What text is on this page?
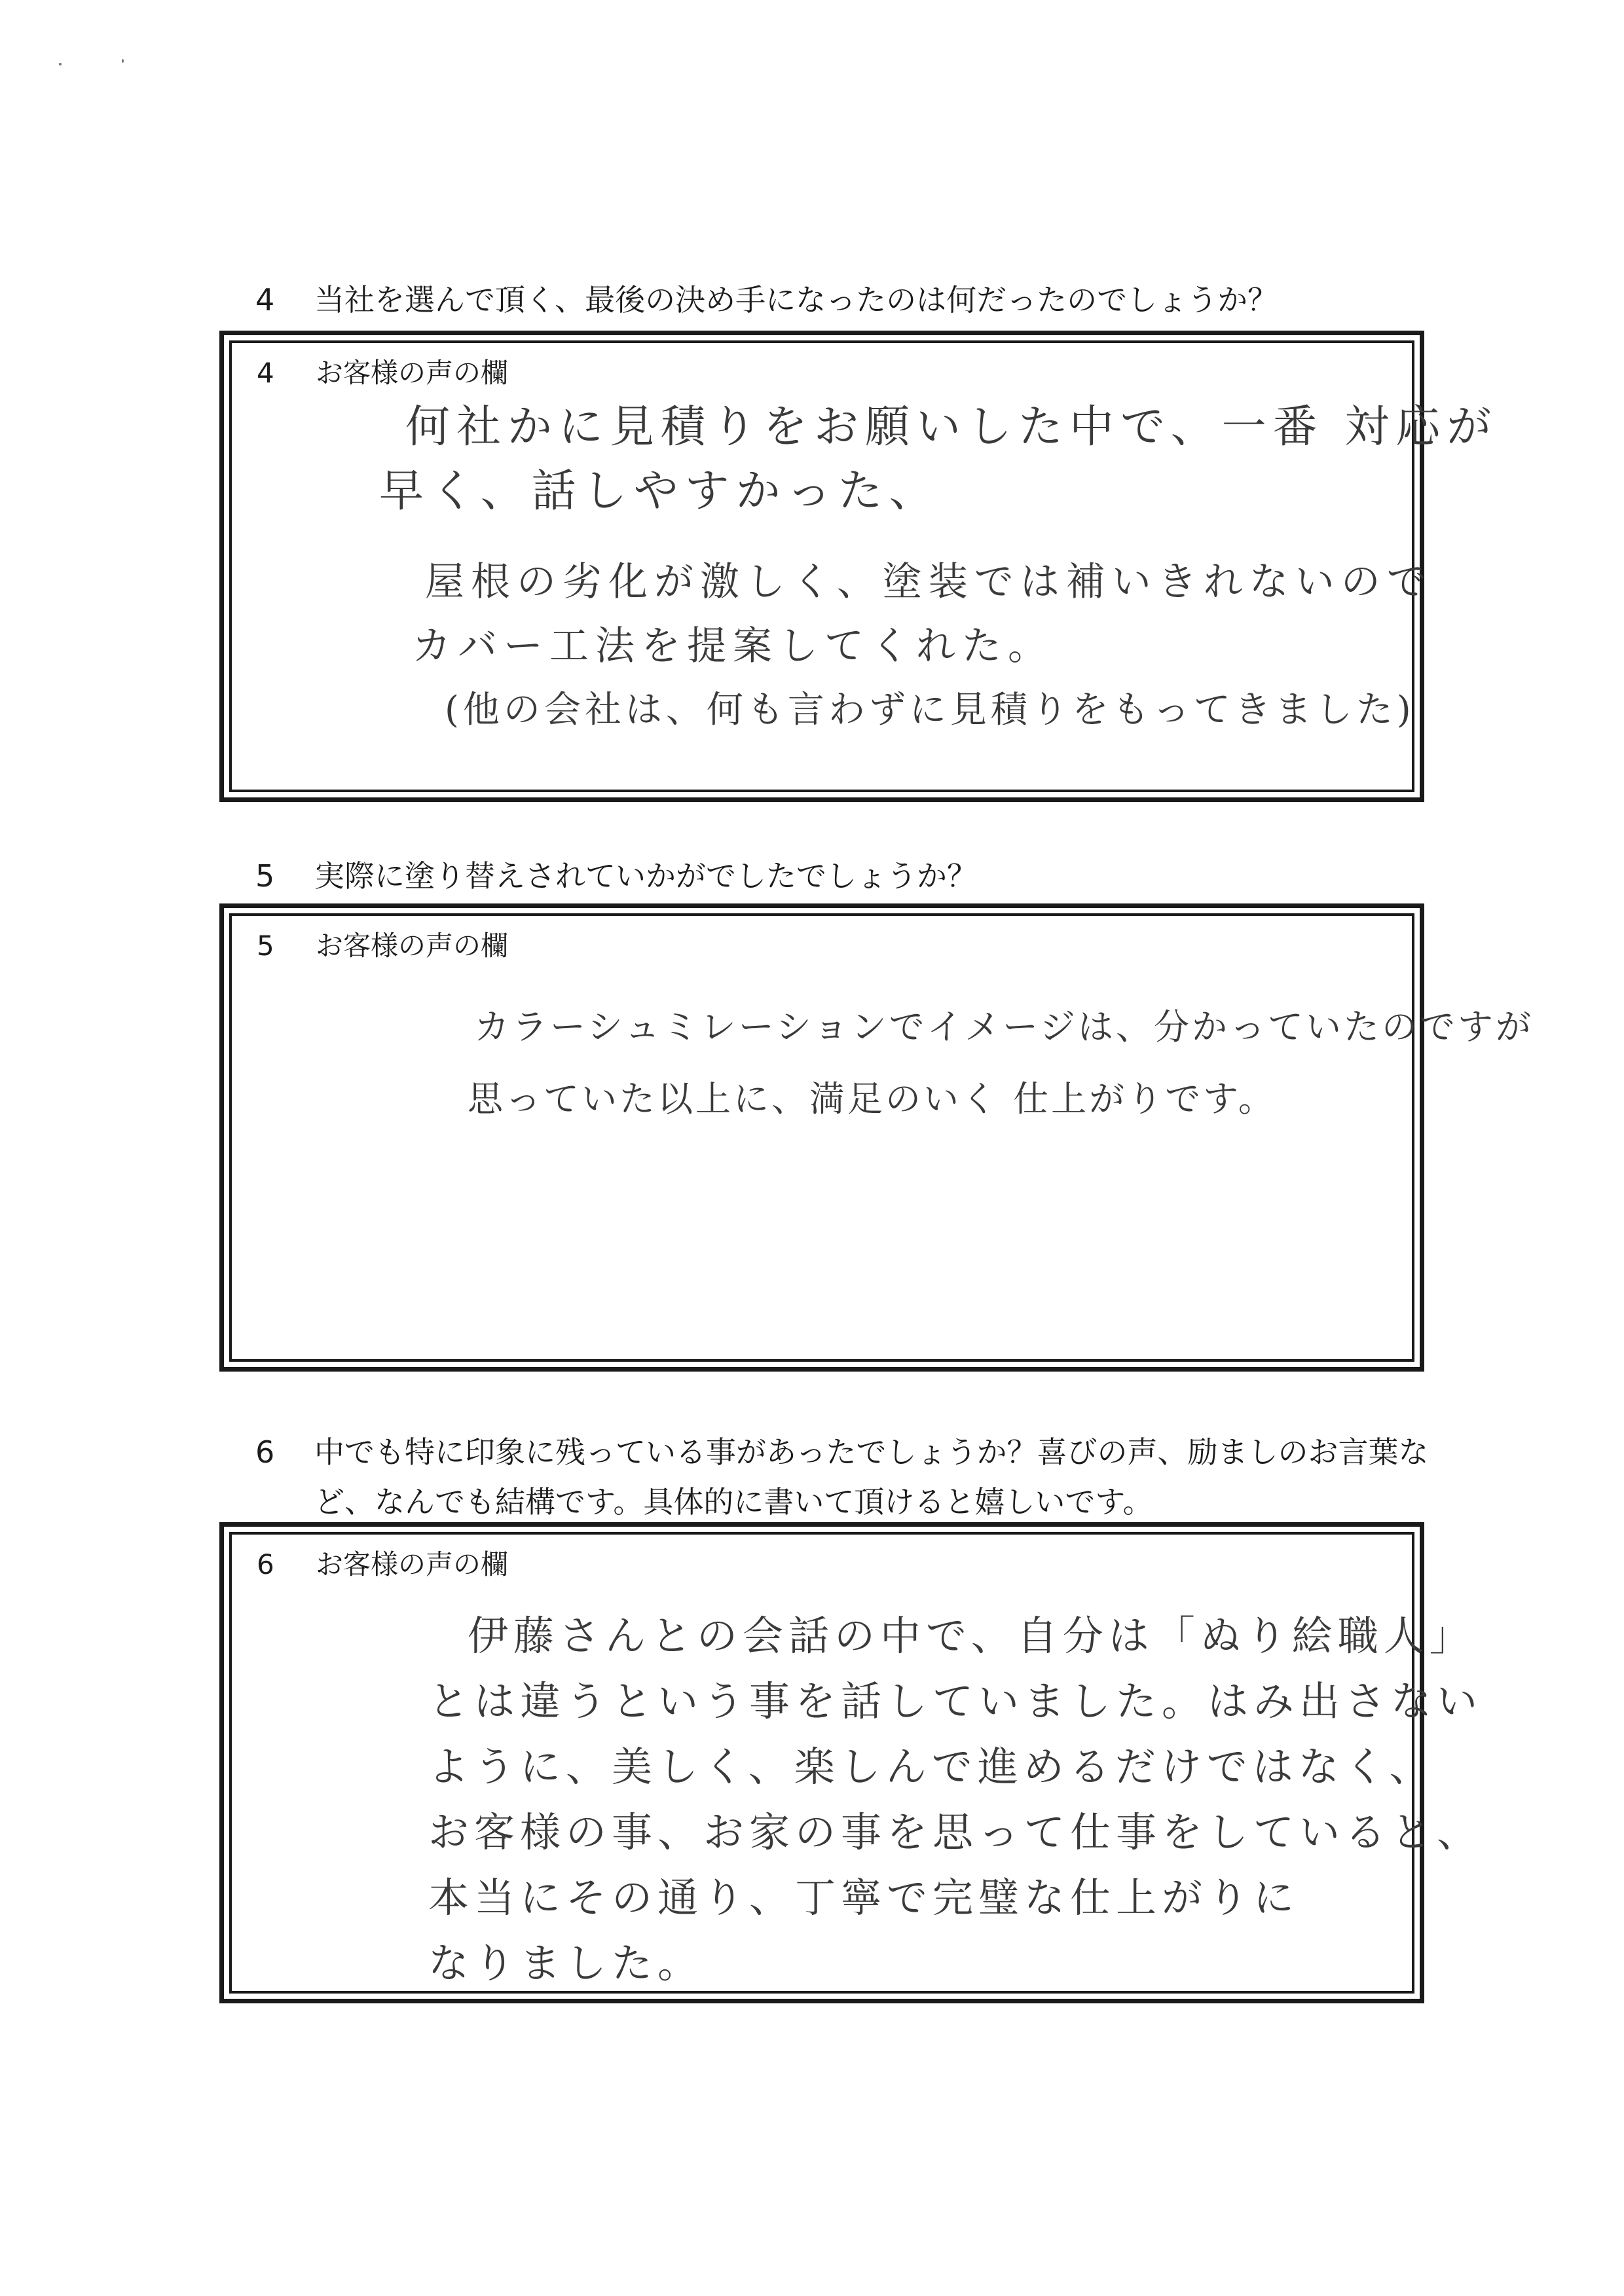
4 当社を選んで頂く、最後の決め手になったのは何だったのでしょうか？
4 お客様の声の欄
何社かに見積りをお願いした中で、一番 対応が
早く、話しやすかった、
屋根の劣化が激しく、塗装では補いきれないので
カバー工法を提案してくれた。
(他の会社は、何も言わずに見積りをもってきました)
5 実際に塗り替えされていかがでしたでしょうか？
5 お客様の声の欄
カラーシュミレーションでイメージは、分かっていたのですが
思っていた以上に、満足のいく 仕上がりです。
6 中でも特に印象に残っている事があったでしょうか？喜びの声、励ましのお言葉な
ど、なんでも結構です。具体的に書いて頂けると嬉しいです。
6 お客様の声の欄
伊藤さんとの会話の中で、自分は「ぬり絵職人」
とは違うという事を話していました。はみ出さない
ように、美しく、楽しんで進めるだけではなく、
お客様の事、お家の事を思って仕事をしていると、
本当にその通り、丁寧で完璧な仕上がりに
なりました。
